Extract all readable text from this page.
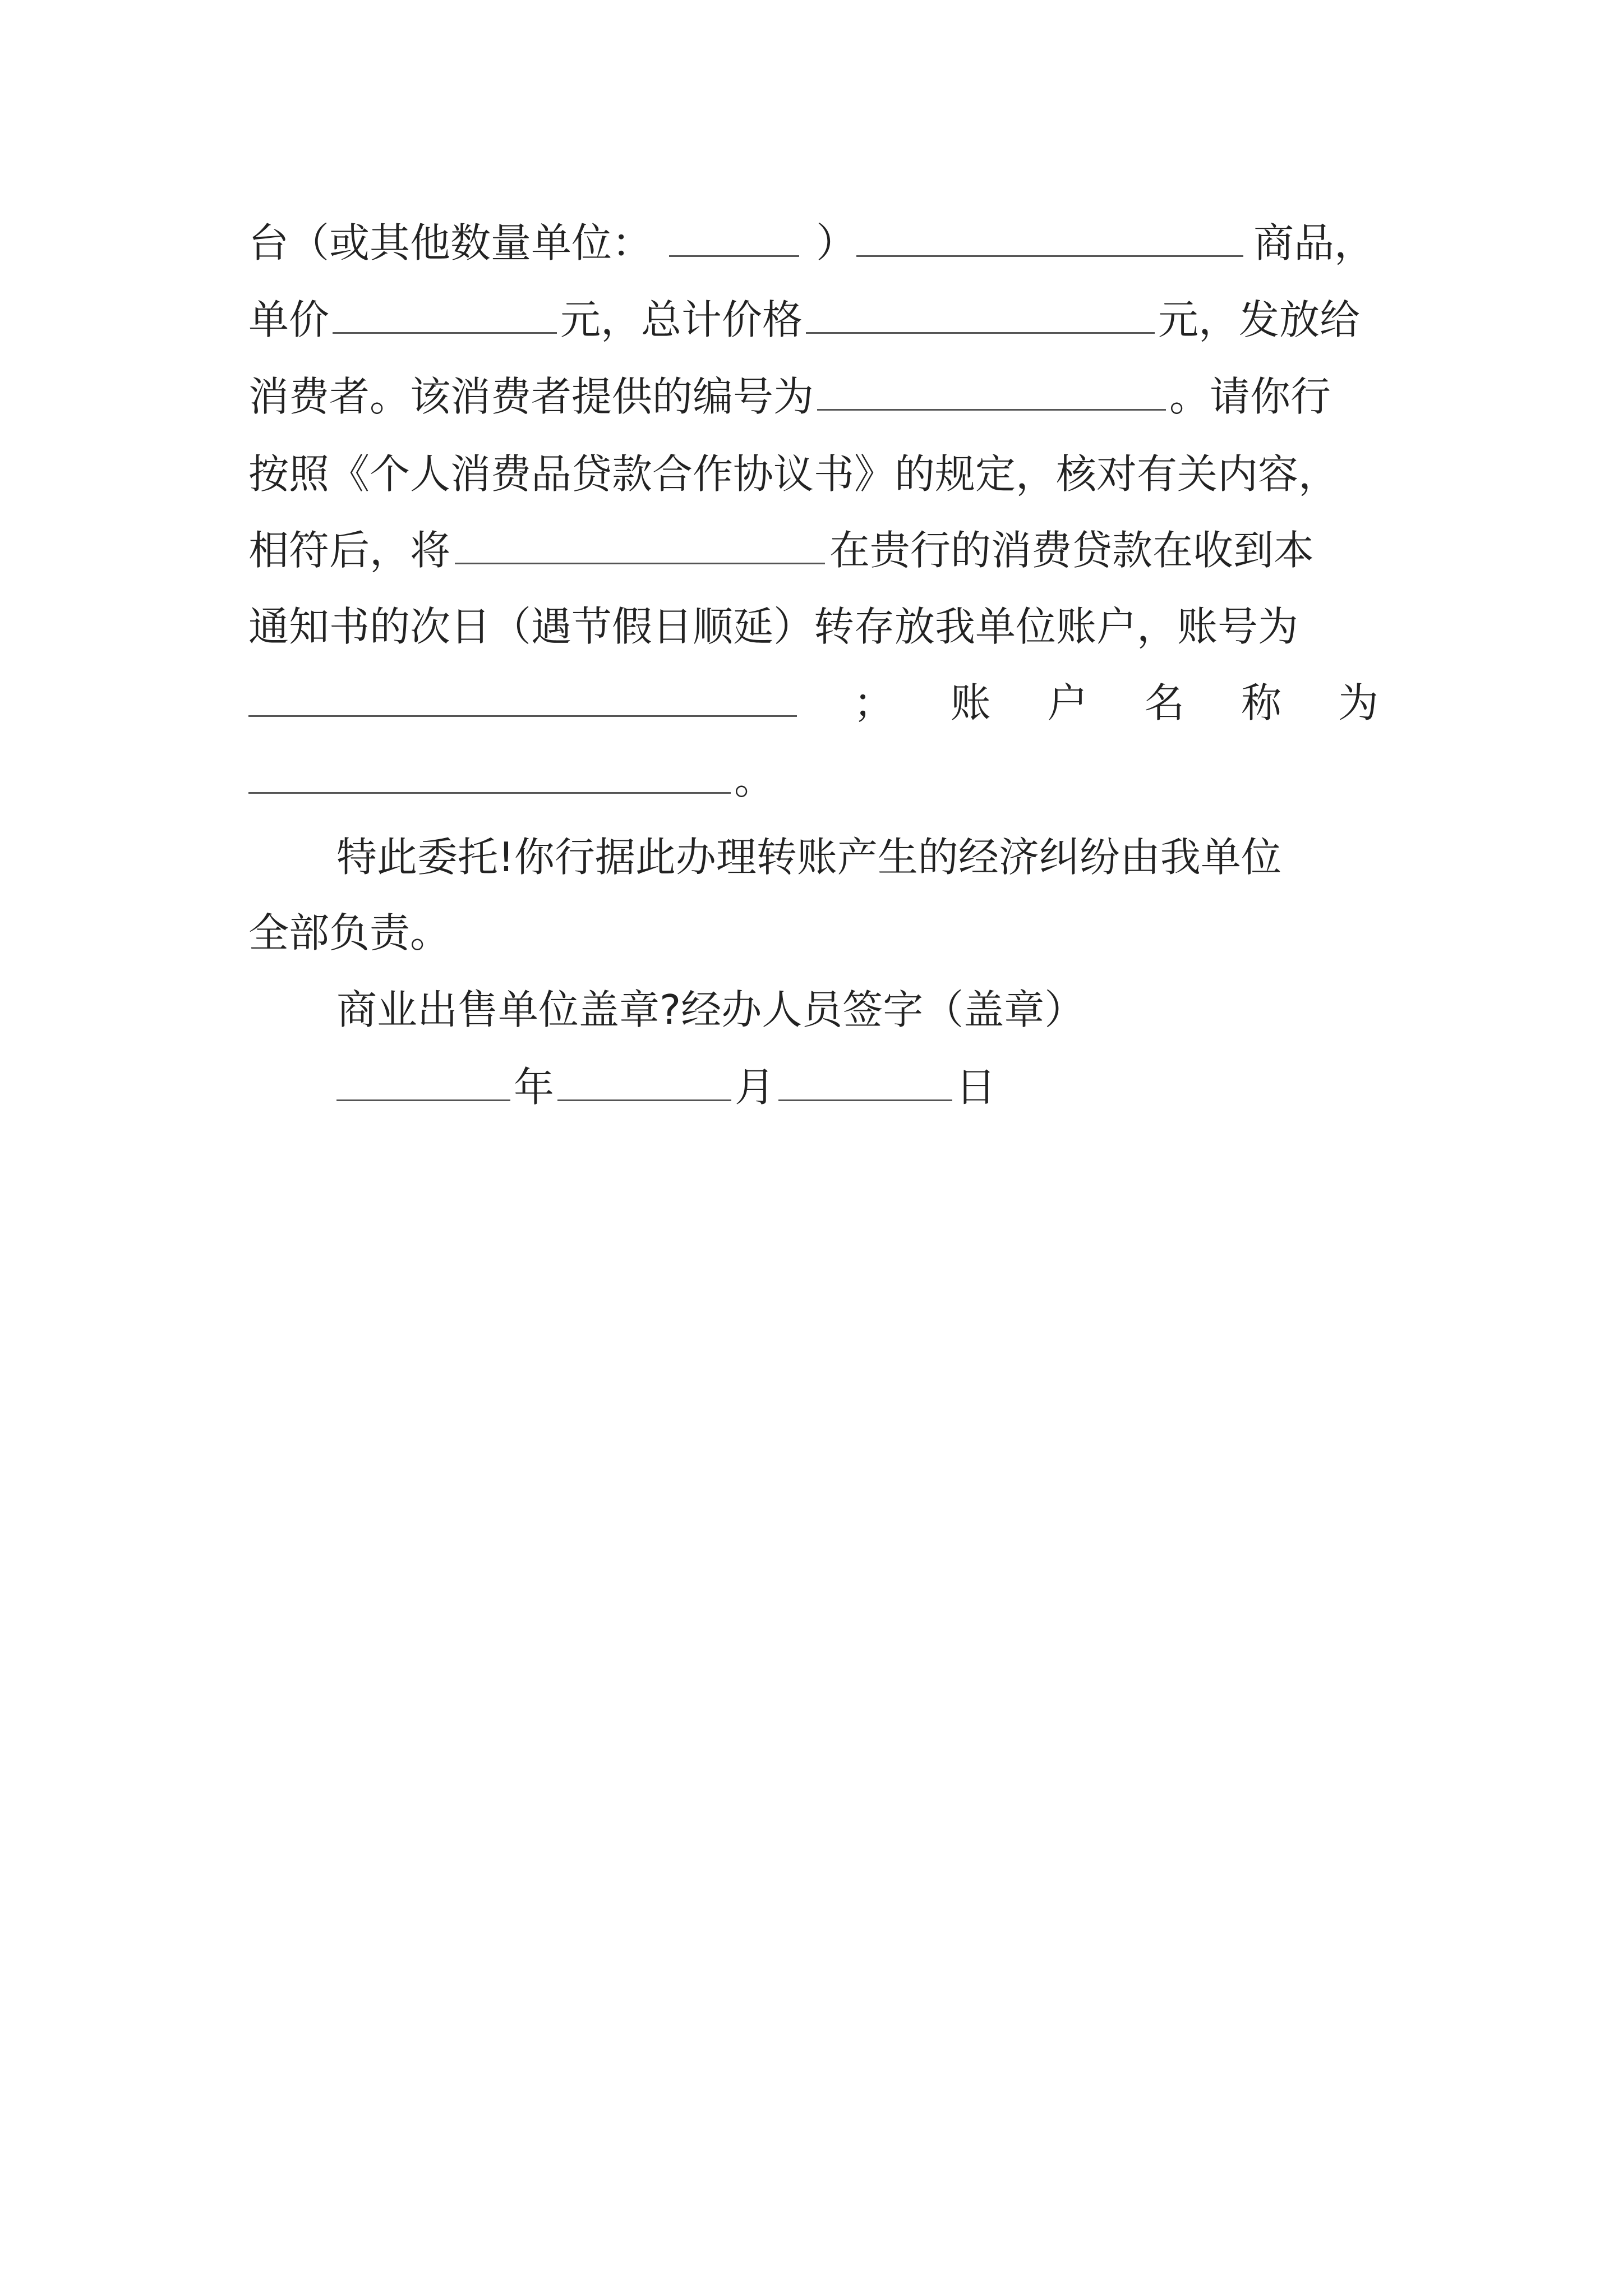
台（或其他数量单位：	）	商品，
单价	元，总计价格	元，发放给
消费者。该消费者提供的编号为	。请你行
按照《个人消费品贷款合作协议书》的规定，核对有关内容，
相符后，将	在贵行的消费贷款在收到本
通知书的次日（遇节假日顺延）转存放我单位账户，账号为
； 账 户 名 称 为
。
特此委托!你行据此办理转账产生的经济纠纷由我单位
全部负责。
商业出售单位盖章?经办人员签字（盖章）
年	月	日
